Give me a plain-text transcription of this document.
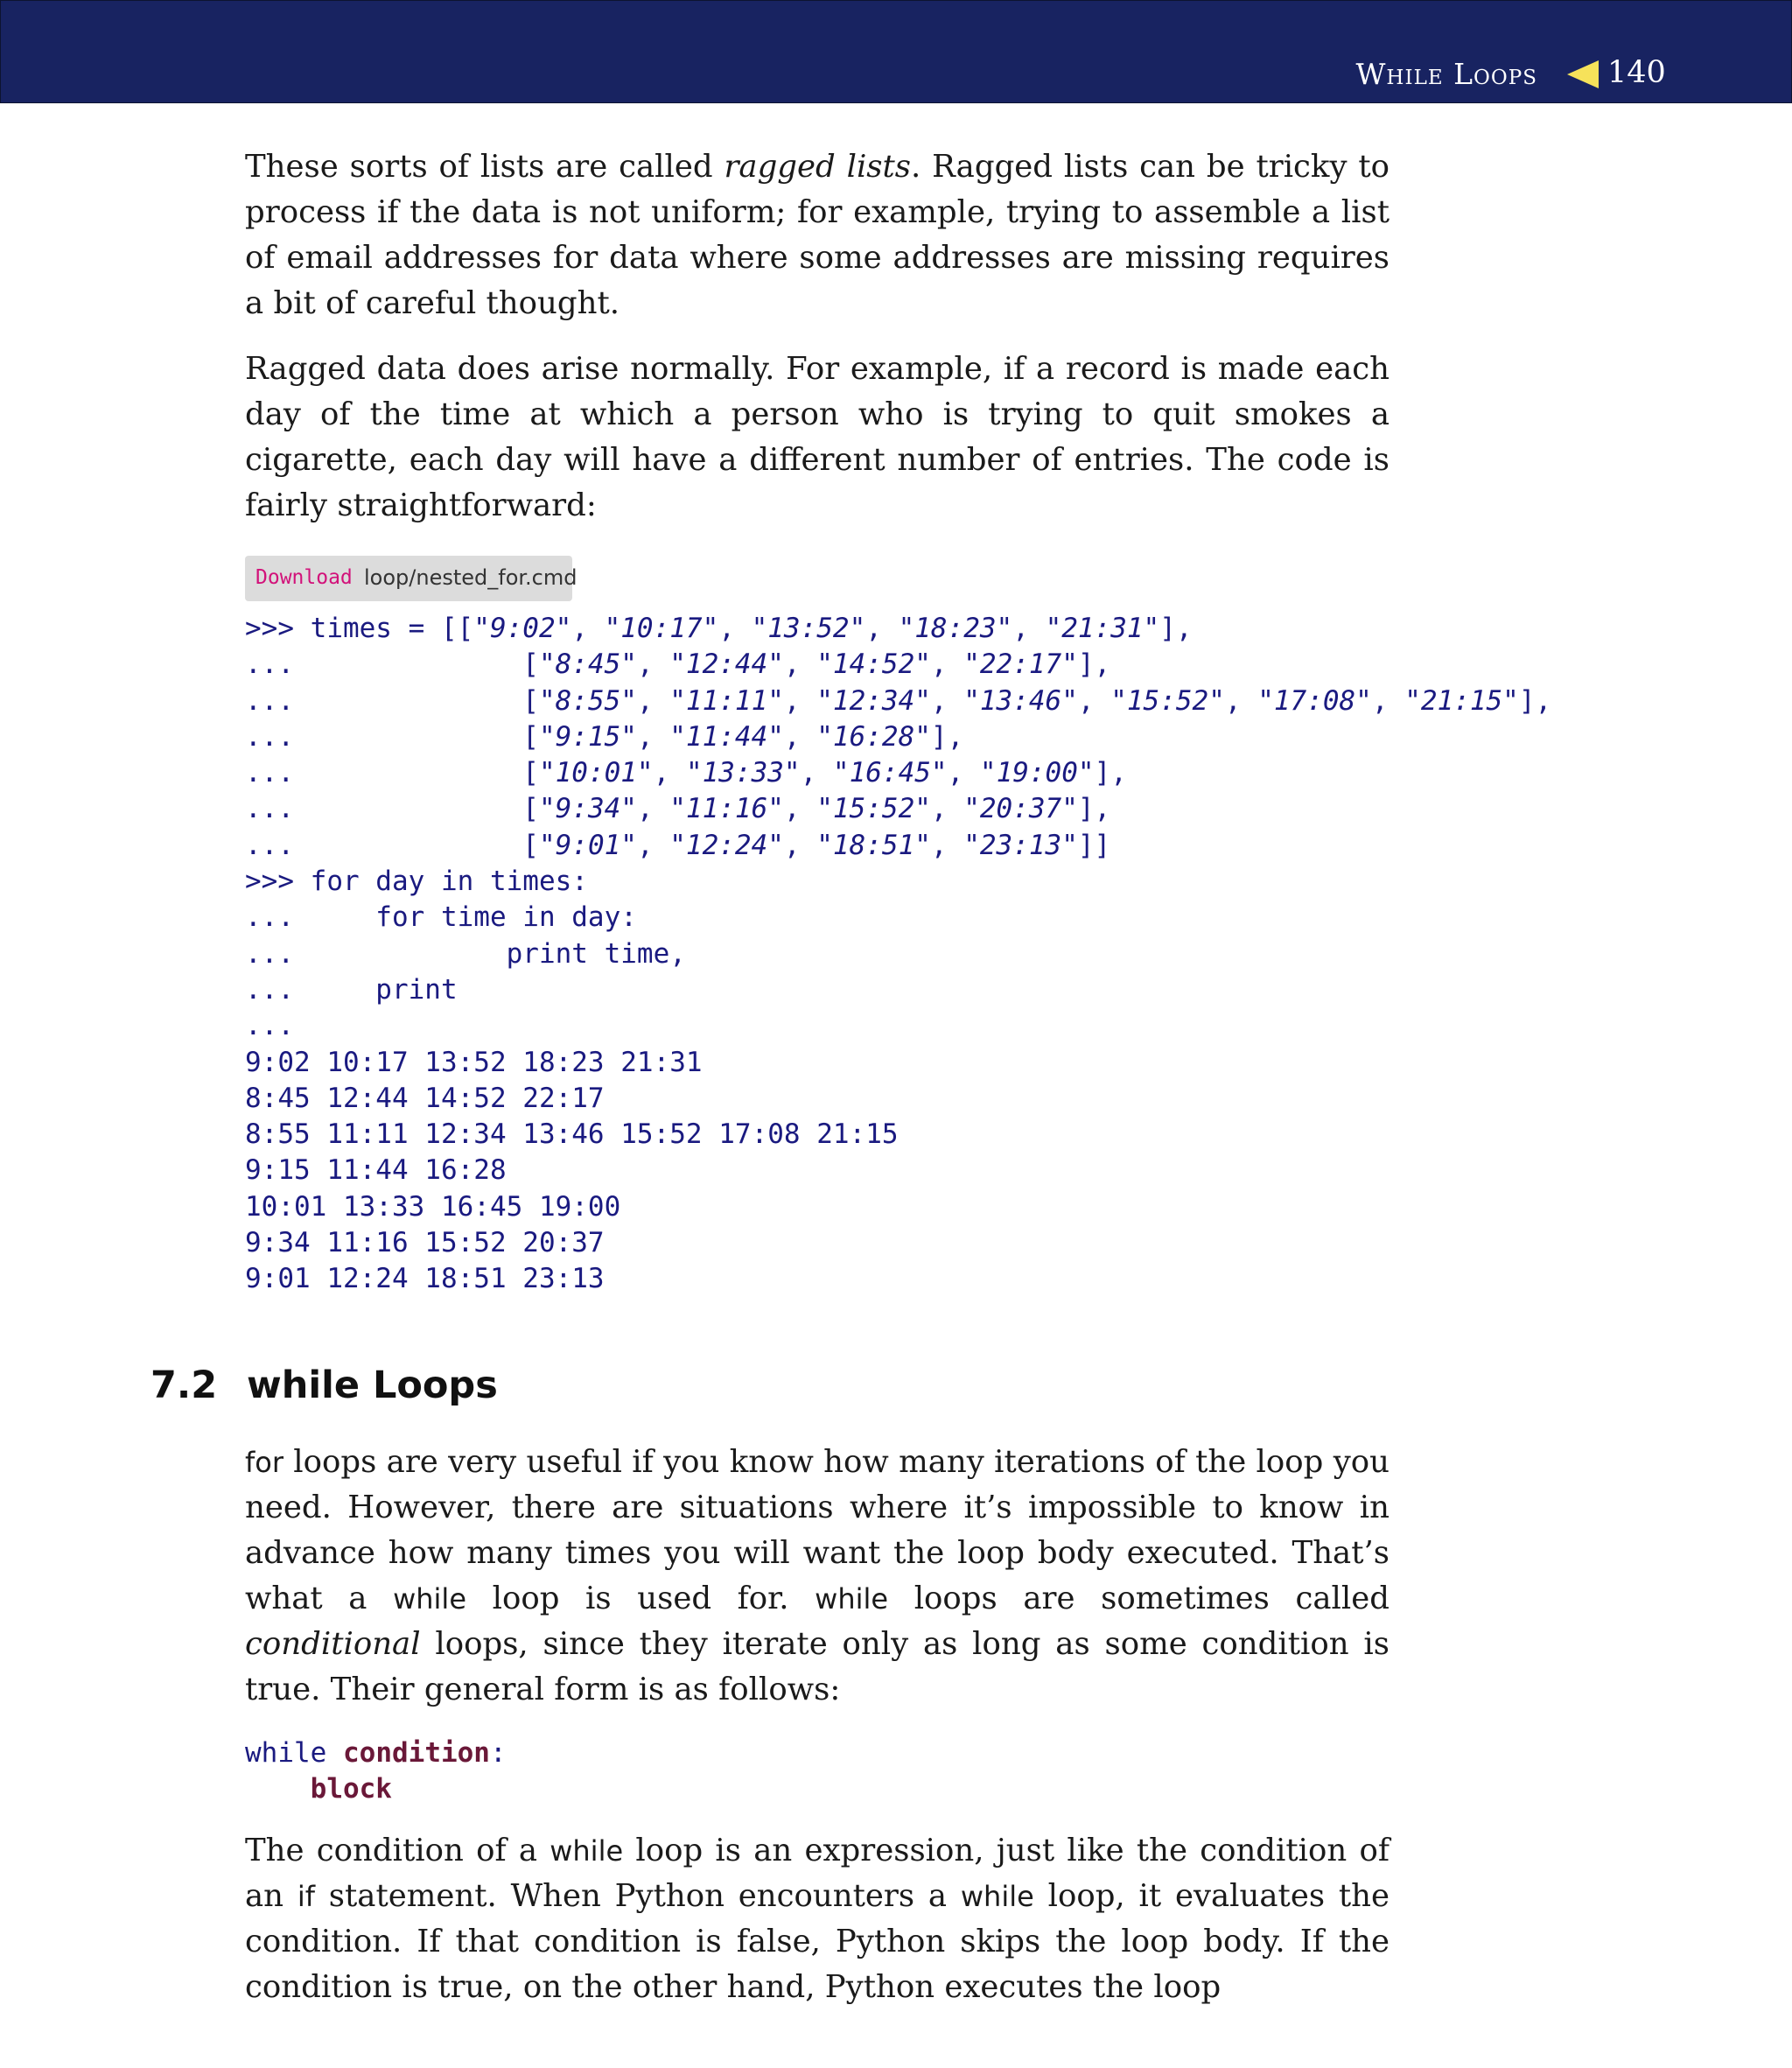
While Loops 140

These sorts of lists are called ragged lists. Ragged lists can be tricky to process if the data is not uniform; for example, trying to assemble a list of email addresses for data where some addresses are missing requires a bit of careful thought.

Ragged data does arise normally. For example, if a record is made each day of the time at which a person who is trying to quit smokes a cigarette, each day will have a different number of entries. The code is fairly straightforward:

Download loop/nested_for.cmd
>>> times = [["9:02", "10:17", "13:52", "18:23", "21:31"],
...              ["8:45", "12:44", "14:52", "22:17"],
...              ["8:55", "11:11", "12:34", "13:46", "15:52", "17:08", "21:15"],
...              ["9:15", "11:44", "16:28"],
...              ["10:01", "13:33", "16:45", "19:00"],
...              ["9:34", "11:16", "15:52", "20:37"],
...              ["9:01", "12:24", "18:51", "23:13"]]
>>> for day in times:
...     for time in day:
...             print time,
...     print
...
9:02 10:17 13:52 18:23 21:31
8:45 12:44 14:52 22:17
8:55 11:11 12:34 13:46 15:52 17:08 21:15
9:15 11:44 16:28
10:01 13:33 16:45 19:00
9:34 11:16 15:52 20:37
9:01 12:24 18:51 23:13
7.2 while Loops

for loops are very useful if you know how many iterations of the loop you need. However, there are situations where it’s impossible to know in advance how many times you will want the loop body executed. That’s what a while loop is used for. while loops are sometimes called conditional loops, since they iterate only as long as some condition is true. Their general form is as follows:

while condition:
block

The condition of a while loop is an expression, just like the condition of an if statement. When Python encounters a while loop, it evaluates the condition. If that condition is false, Python skips the loop body. If the condition is true, on the other hand, Python executes the loop
